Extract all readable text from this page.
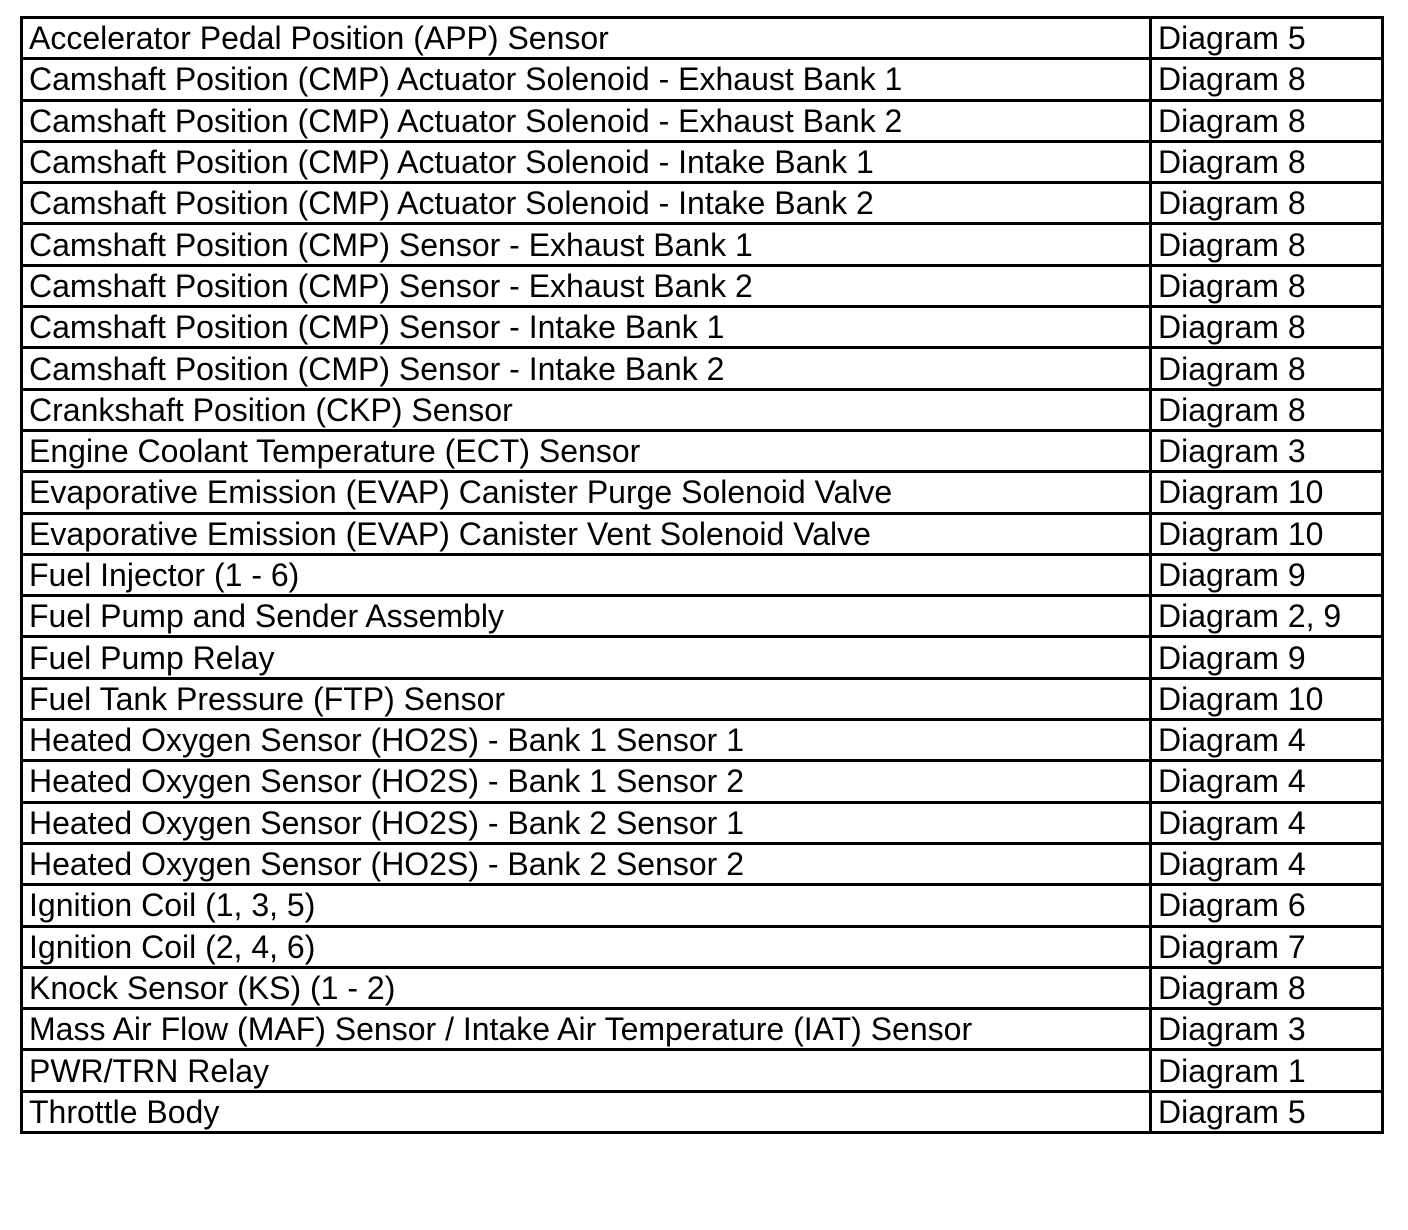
Accelerator Pedal Position (APP) Sensor	Diagram 5
Camshaft Position (CMP) Actuator Solenoid - Exhaust Bank 1	Diagram 8
Camshaft Position (CMP) Actuator Solenoid - Exhaust Bank 2	Diagram 8
Camshaft Position (CMP) Actuator Solenoid - Intake Bank 1	Diagram 8
Camshaft Position (CMP) Actuator Solenoid - Intake Bank 2	Diagram 8
Camshaft Position (CMP) Sensor - Exhaust Bank 1	Diagram 8
Camshaft Position (CMP) Sensor - Exhaust Bank 2	Diagram 8
Camshaft Position (CMP) Sensor - Intake Bank 1	Diagram 8
Camshaft Position (CMP) Sensor - Intake Bank 2	Diagram 8
Crankshaft Position (CKP) Sensor	Diagram 8
Engine Coolant Temperature (ECT) Sensor	Diagram 3
Evaporative Emission (EVAP) Canister Purge Solenoid Valve	Diagram 10
Evaporative Emission (EVAP) Canister Vent Solenoid Valve	Diagram 10
Fuel Injector (1 - 6)	Diagram 9
Fuel Pump and Sender Assembly	Diagram 2, 9
Fuel Pump Relay	Diagram 9
Fuel Tank Pressure (FTP) Sensor	Diagram 10
Heated Oxygen Sensor (HO2S) - Bank 1 Sensor 1	Diagram 4
Heated Oxygen Sensor (HO2S) - Bank 1 Sensor 2	Diagram 4
Heated Oxygen Sensor (HO2S) - Bank 2 Sensor 1	Diagram 4
Heated Oxygen Sensor (HO2S) - Bank 2 Sensor 2	Diagram 4
Ignition Coil (1, 3, 5)	Diagram 6
Ignition Coil (2, 4, 6)	Diagram 7
Knock Sensor (KS) (1 - 2)	Diagram 8
Mass Air Flow (MAF) Sensor / Intake Air Temperature (IAT) Sensor	Diagram 3
PWR/TRN Relay	Diagram 1
Throttle Body	Diagram 5
